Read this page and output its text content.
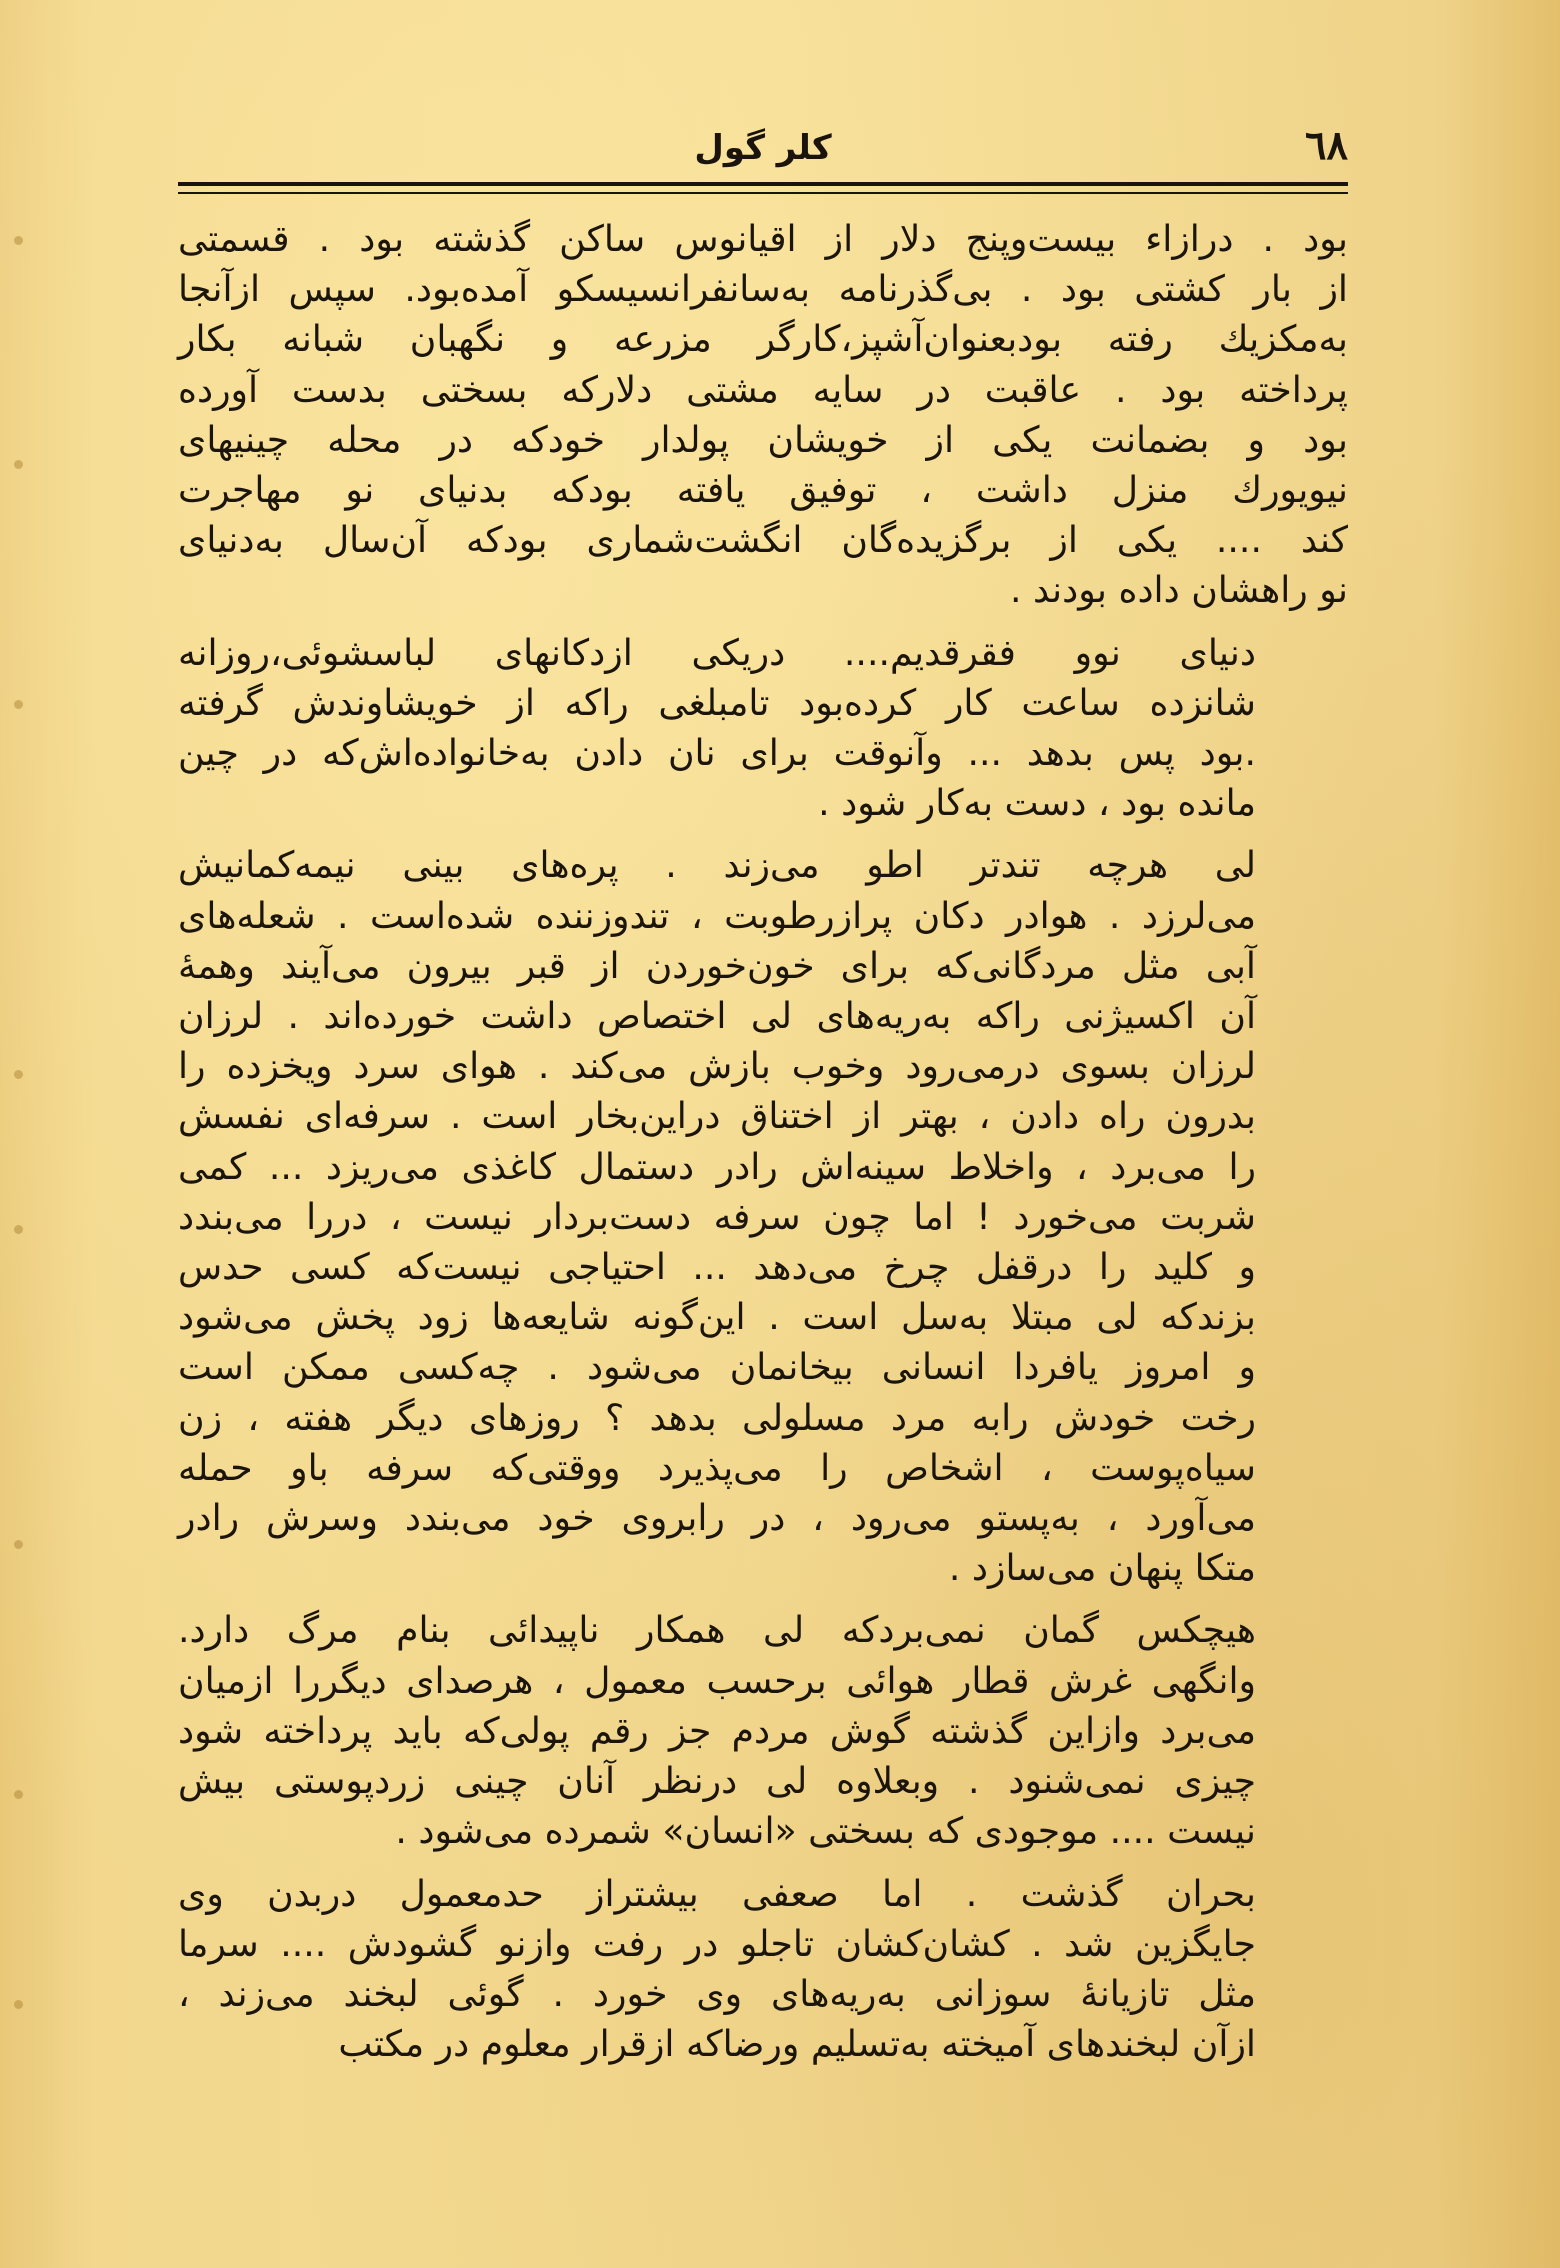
٦٨
کلر گول
بود . درازاء بیست‌وپنج دلار از اقیانوس ساکن گذشته بود . قسمتی
از بار کشتی بود . بی‌گذرنامه به‌سانفرانسیسکو آمده‌بود. سپس ازآنجا
به‌مکزیك رفته بودبعنوان‌آشپز،کارگر مزرعه و نگهبان شبانه بکار
پرداخته بود . عاقبت در سایه مشتی دلارکه بسختی بدست آورده
بود و بضمانت یکی از خویشان پولدار خودکه در محله چینیهای
نیویورك منزل داشت ، توفیق یافته بودکه بدنیای نو مهاجرت
کند .... یکی از برگزیده‌گان انگشت‌شماری بودکه آن‌سال به‌دنیای
نو راهشان داده بودند .
دنیای نوو فقرقدیم.... دریکی ازدکانهای لباسشوئی،روزانه
شانزده ساعت کار کرده‌بود تامبلغی راکه از خویشاوندش گرفته
.بود پس بدهد ... وآنوقت برای نان دادن به‌خانواده‌اش‌که در چین
مانده بود ، دست به‌کار شود .
لی هرچه تندتر اطو می‌زند . پره‌های بینی نیمه‌کمانیش
می‌لرزد . هوادر دکان پرازرطوبت ، تندوزننده شده‌است . شعله‌های
آبی مثل مردگانی‌که برای خون‌خوردن از قبر بیرون می‌آیند وهمهٔ
آن اکسیژنی راکه به‌ریه‌های لی اختصاص داشت خورده‌اند . لرزان
لرزان بسوی درمی‌رود وخوب بازش می‌کند . هوای سرد ویخزده را
بدرون راه دادن ، بهتر از اختناق دراین‌بخار است . سرفه‌ای نفسش
را می‌برد ، واخلاط سینه‌اش رادر دستمال کاغذی می‌ریزد ... کمی
شربت می‌خورد ! اما چون سرفه دست‌بردار نیست ، دررا می‌بندد
و کلید را درقفل چرخ می‌دهد ... احتیاجی نیست‌که کسی حدس
بزندکه لی مبتلا به‌سل است . این‌گونه شایعه‌ها زود پخش می‌شود
و امروز یافردا انسانی بیخانمان می‌شود . چه‌کسی ممکن است
رخت خودش رابه مرد مسلولی بدهد ؟ روزهای دیگر هفته ، زن
سیاه‌پوست ، اشخاص را می‌پذیرد ووقتی‌که سرفه باو حمله
می‌آورد ، به‌پستو می‌رود ، در رابروی خود می‌بندد وسرش رادر
متکا پنهان می‌سازد .
هیچکس گمان نمی‌بردکه لی همکار ناپیدائی بنام مرگ دارد.
وانگهی غرش قطار هوائی برحسب معمول ، هرصدای دیگررا ازمیان
می‌برد وازاین گذشته گوش مردم جز رقم پولی‌که باید پرداخته شود
چیزی نمی‌شنود . وبعلاوه لی درنظر آنان چینی زردپوستی بیش
نیست .... موجودی که بسختی «انسان» شمرده می‌شود .
بحران گذشت . اما صعفی بیشتراز حدمعمول دربدن وی
جایگزین شد . کشان‌کشان تاجلو در رفت وازنو گشودش .... سرما
مثل تازیانهٔ سوزانی به‌ریه‌های وی خورد . گوئی لبخند می‌زند ،
ازآن لبخندهای آمیخته به‌تسلیم ورضاکه ازقرار معلوم در مکتب
